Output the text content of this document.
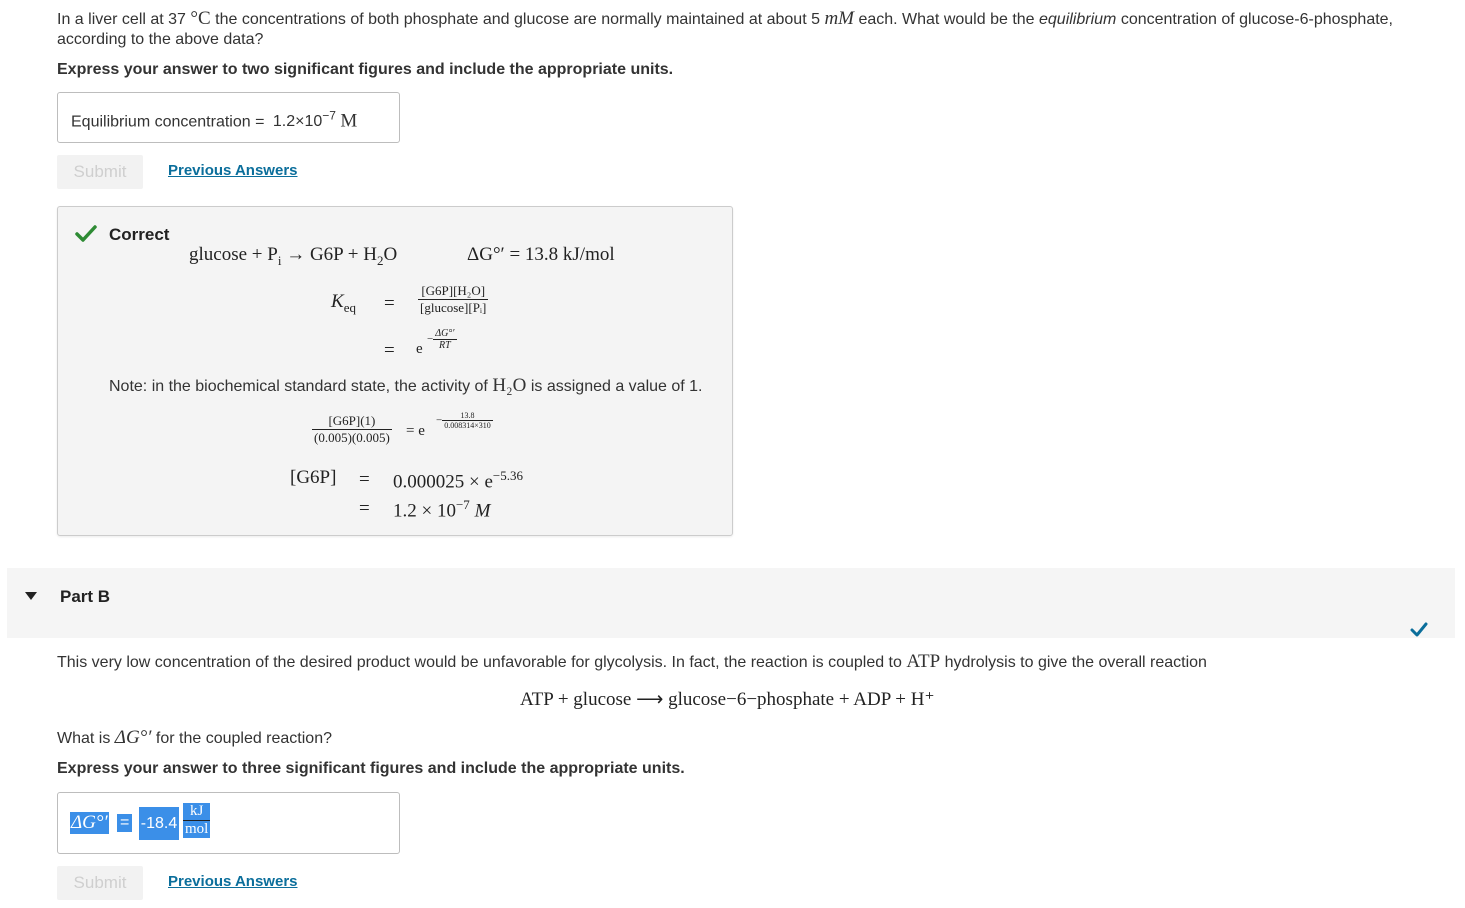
In a liver cell at 37 °C the concentrations of both phosphate and glucose are normally maintained at about 5 mM each. What would be the equilibrium concentration of glucose-6-phosphate,
according to the above data?
Express your answer to two significant figures and include the appropriate units.
Equilibrium concentration = $1.2\times 10^{-7}$ M
Submit	Previous Answers
Correct
$glucose + P_i \to G6P + H_2O$	ΔG°′ = 13.8 kJ/mol
$K_{eq} = \frac{\text{[G6P][H₂O]}}{\text{[glucose][Pᵢ]}}$
= e
− $\frac{\Delta G^\circ'}{RT}$
Note: in the biochemical standard state, the activity of H₂O is assigned a value of 1.
$\frac{[G6P](1)}{(0.005)(0.005)} = e$
− $\frac{13.8}{0.008314\times 310}$
$[G6P] = 0.000025 \times e^{-5.36}$
= $1.2 \times 10^{-7}$ M
Part B
This very low concentration of the desired product would be unfavorable for glycolysis. In fact, the reaction is coupled to ATP hydrolysis to give the overall reaction
ATP + glucose ⟶ glucose−6−phosphate + ADP + H⁺
What is ΔG°′ for the coupled reaction?
Express your answer to three significant figures and include the appropriate units.
$\Delta G^\circ' = -18.4 \frac{kJ}{\text{mol}}$
Submit	Previous Answers
